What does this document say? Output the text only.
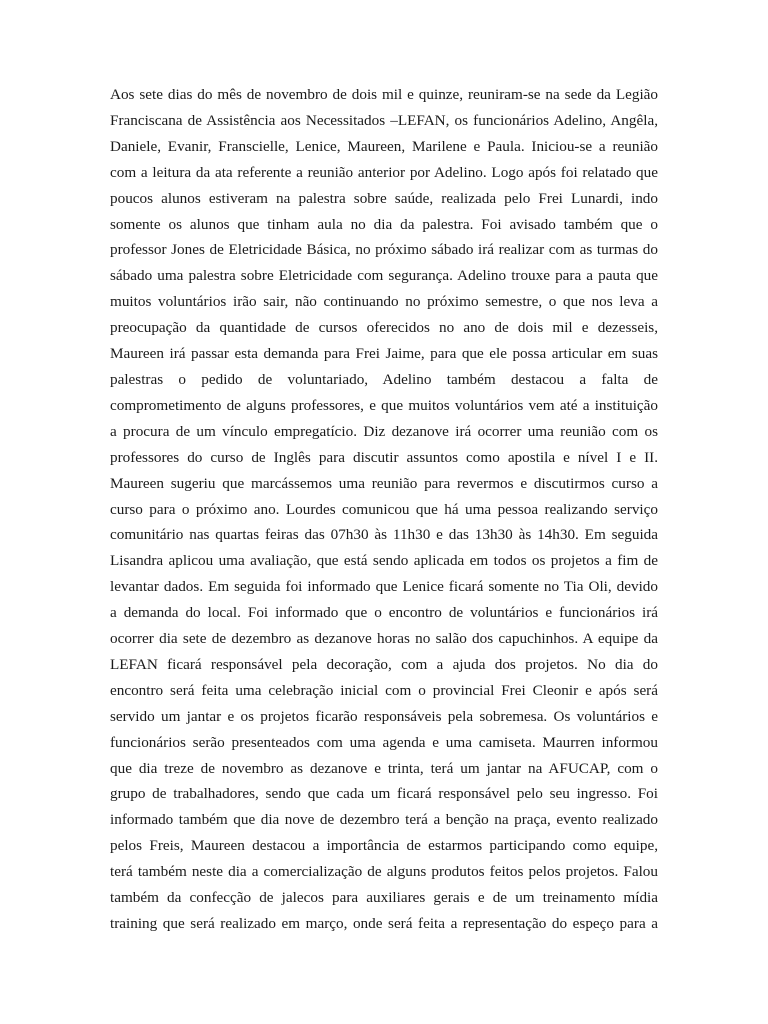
Aos sete dias do mês de novembro de dois mil e quinze, reuniram-se na sede da Legião
Franciscana de Assistência aos Necessitados –LEFAN, os funcionários Adelino, Angêla,
Daniele, Evanir, Franscielle, Lenice, Maureen, Marilene e Paula. Iniciou-se a reunião
com a leitura da ata referente a reunião anterior por Adelino. Logo após foi relatado que
poucos alunos estiveram na palestra sobre saúde, realizada pelo Frei Lunardi, indo
somente os alunos que tinham aula no dia da palestra. Foi avisado também que o
professor Jones de Eletricidade Básica, no próximo sábado irá realizar com as turmas do
sábado uma palestra sobre Eletricidade com segurança. Adelino trouxe para a pauta que
muitos voluntários irão sair, não continuando no próximo semestre, o que nos leva a
preocupação da quantidade de cursos oferecidos no ano de dois mil e dezesseis,
Maureen irá passar esta demanda para Frei Jaime, para que ele possa articular em suas
palestras o pedido de voluntariado, Adelino também destacou a falta de
comprometimento de alguns professores, e que muitos voluntários vem até a instituição
a procura de um vínculo empregatício. Diz dezanove irá ocorrer uma reunião com os
professores do curso de Inglês para discutir assuntos como apostila e nível I e II.
Maureen sugeriu que marcássemos uma reunião para revermos e discutirmos curso a
curso para o próximo ano. Lourdes comunicou que há uma pessoa realizando serviço
comunitário nas quartas feiras das 07h30 às 11h30 e das 13h30 às 14h30. Em seguida
Lisandra aplicou uma avaliação, que está sendo aplicada em todos os projetos a fim de
levantar dados. Em seguida foi informado que Lenice ficará somente no Tia Oli, devido
a demanda do local. Foi informado que o encontro de voluntários e funcionários irá
ocorrer dia sete de dezembro as dezanove horas no salão dos capuchinhos. A equipe da
LEFAN ficará responsável pela decoração, com a ajuda dos projetos. No dia do
encontro será feita uma celebração inicial com o provincial Frei Cleonir e após será
servido um jantar e os projetos ficarão responsáveis pela sobremesa. Os voluntários e
funcionários serão presenteados com uma agenda e uma camiseta. Maurren informou
que dia treze de novembro as dezanove e trinta, terá um jantar na AFUCAP, com o
grupo de trabalhadores, sendo que cada um ficará responsável pelo seu ingresso. Foi
informado também que dia nove de dezembro terá a benção na praça, evento realizado
pelos Freis, Maureen destacou a importância de estarmos participando como equipe,
terá também neste dia a comercialização de alguns produtos feitos pelos projetos. Falou
também da confecção de jalecos para auxiliares gerais e de um treinamento mídia
training que será realizado em março, onde será feita a representação do espeço para a
